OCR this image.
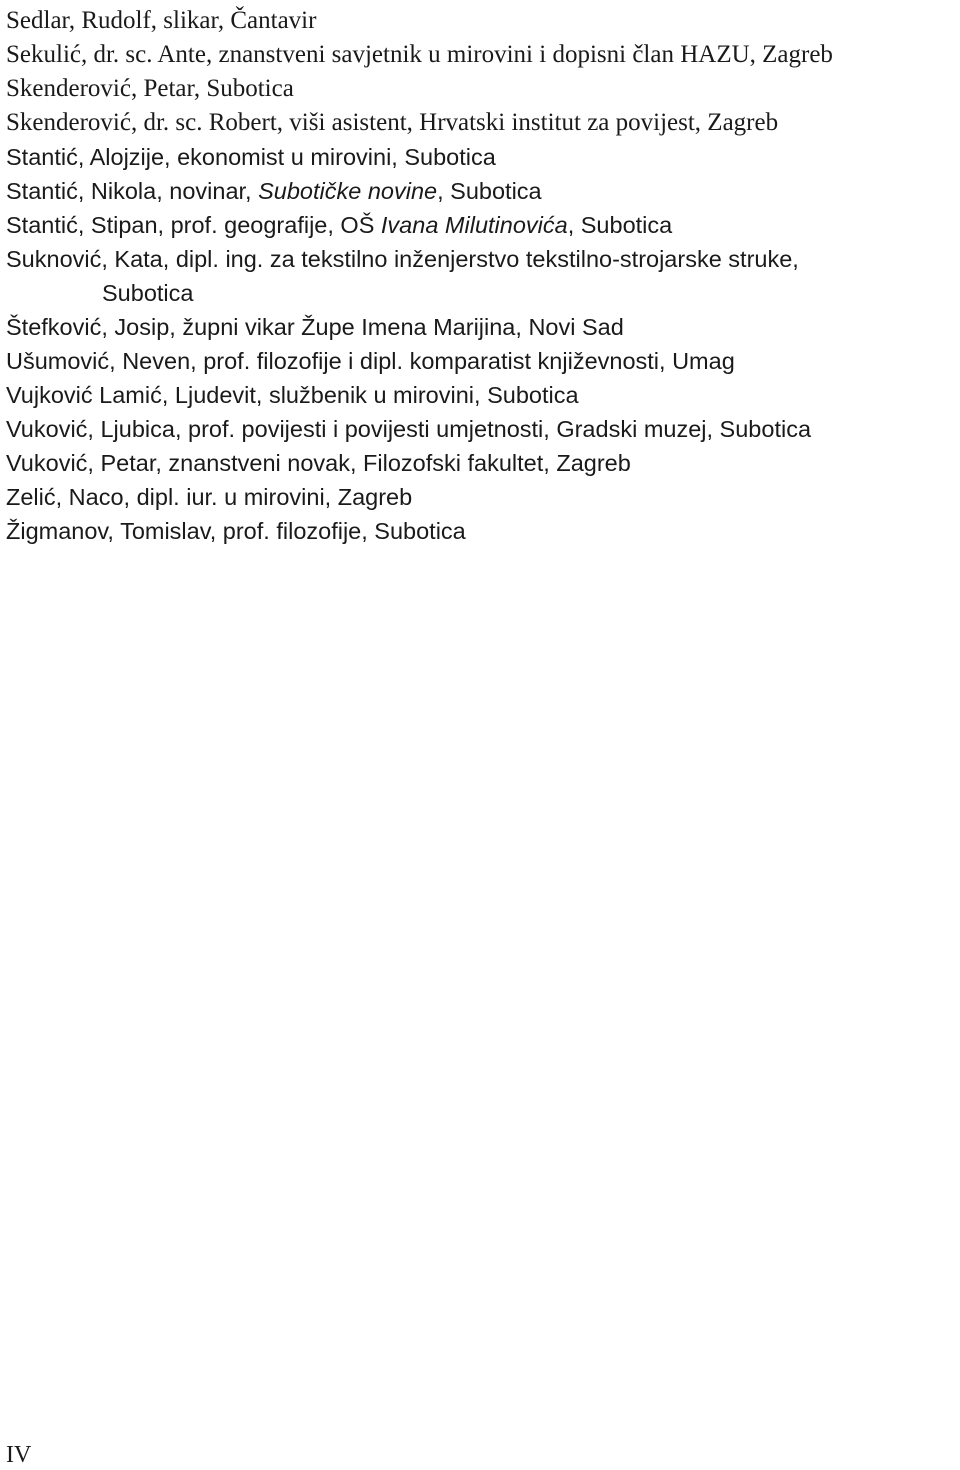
Sedlar, Rudolf, slikar, Čantavir
Sekulić, dr. sc. Ante, znanstveni savjetnik u mirovini i dopisni član HAZU, Zagreb
Skenderović, Petar, Subotica
Skenderović, dr. sc. Robert, viši asistent, Hrvatski institut za povijest, Zagreb
Stantić, Alojzije, ekonomist u mirovini, Subotica
Stantić, Nikola, novinar, Subotičke novine, Subotica
Stantić, Stipan, prof. geografije, OŠ Ivana Milutinovića, Subotica
Suknović, Kata, dipl. ing. za tekstilno inženjerstvo tekstilno-strojarske struke,
Subotica
Štefković, Josip, župni vikar Župe Imena Marijina, Novi Sad
Ušumović, Neven, prof. filozofije i dipl. komparatist književnosti, Umag
Vujković Lamić, Ljudevit, službenik u mirovini, Subotica
Vuković, Ljubica, prof. povijesti i povijesti umjetnosti, Gradski muzej, Subotica
Vuković, Petar, znanstveni novak, Filozofski fakultet, Zagreb
Zelić, Naco, dipl. iur. u mirovini, Zagreb
Žigmanov, Tomislav, prof. filozofije, Subotica
IV
